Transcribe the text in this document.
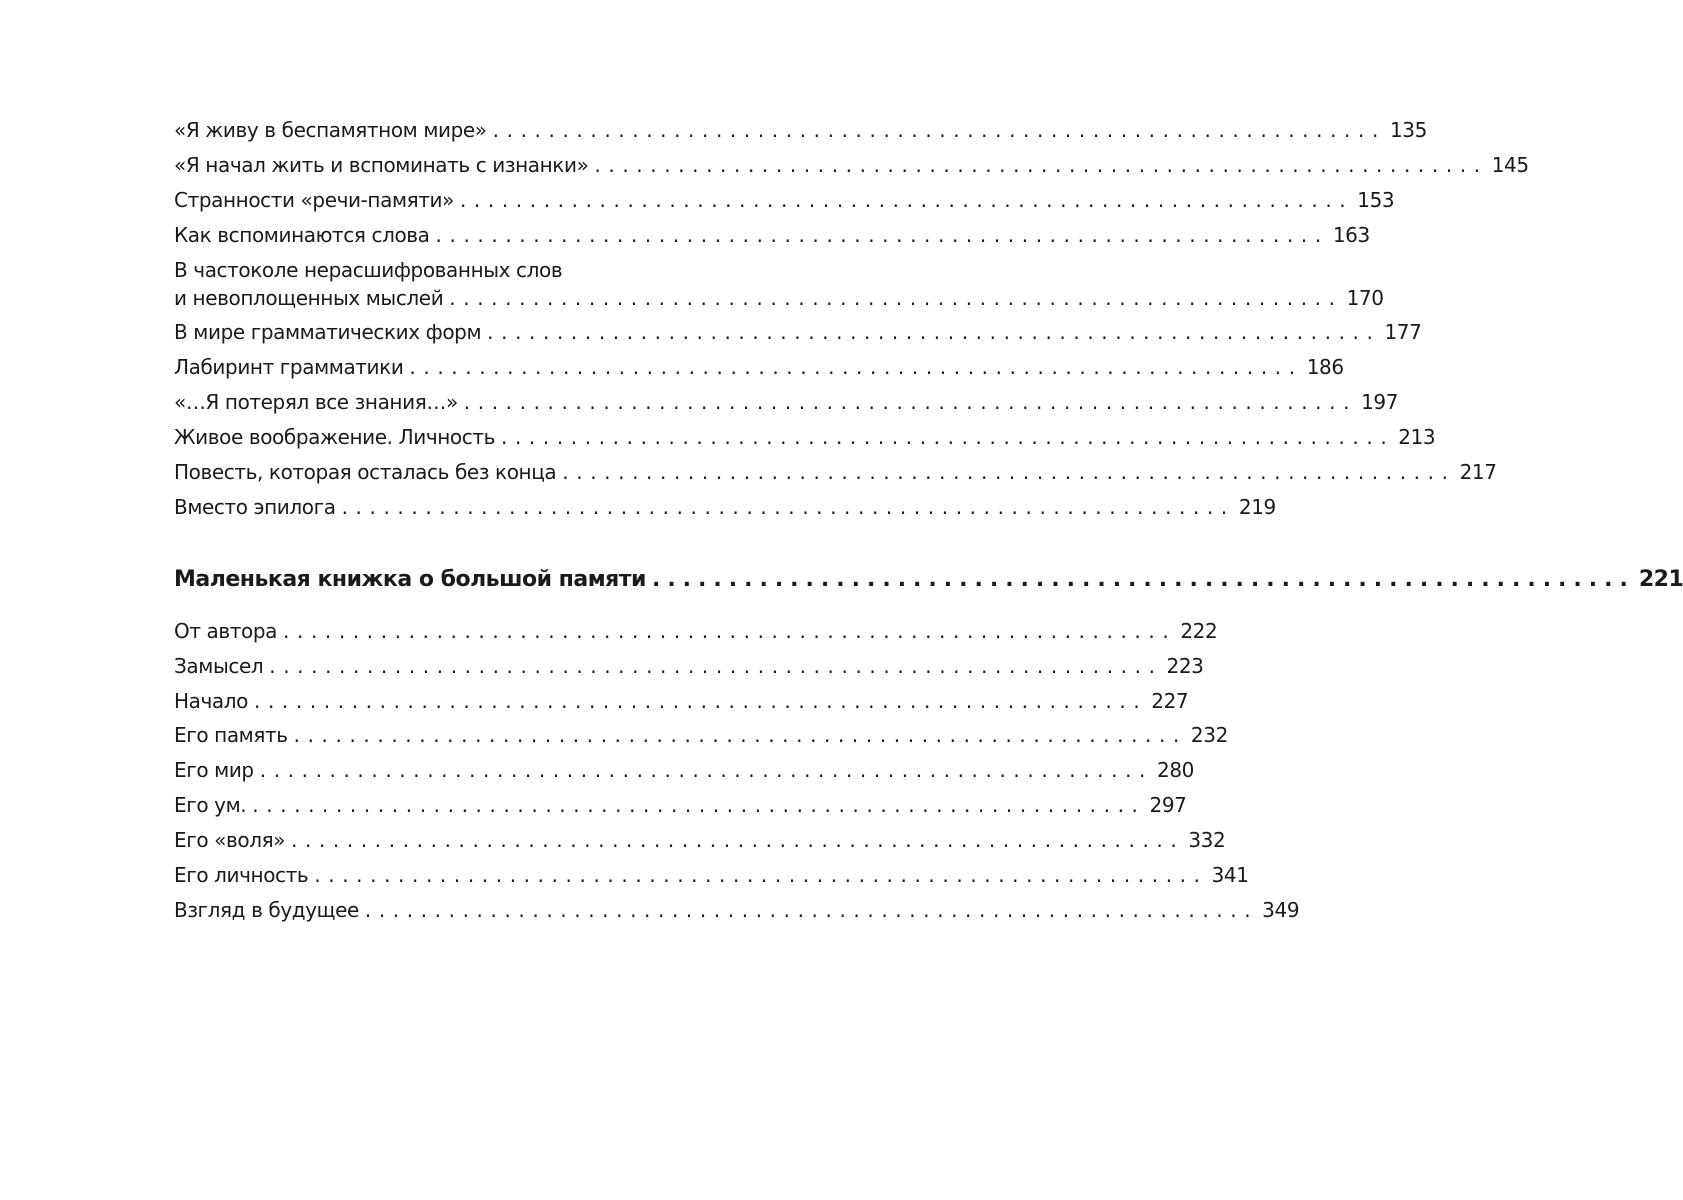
«Я живу в беспамятном мире» ................................................................ 135
«Я начал жить и вспоминать с изнанки» ................................................................ 145
Странности «речи-памяти» ................................................................ 153
Как вспоминаются слова ................................................................ 163
В частоколе нерасшифрованных слов
и невоплощенных мыслей ................................................................ 170
В мире грамматических форм ................................................................ 177
Лабиринт грамматики ................................................................ 186
«…Я потерял все знания…» ................................................................ 197
Живое воображение. Личность ................................................................ 213
Повесть, которая осталась без конца ................................................................ 217
Вместо эпилога ................................................................ 219
Маленькая книжка о большой памяти ................................................................ 221
От автора ................................................................ 222
Замысел ................................................................ 223
Начало ................................................................ 227
Его память ................................................................ 232
Его мир ................................................................ 280
Его ум. ................................................................ 297
Его «воля» ................................................................ 332
Его личность ................................................................ 341
Взгляд в будущее ................................................................ 349
